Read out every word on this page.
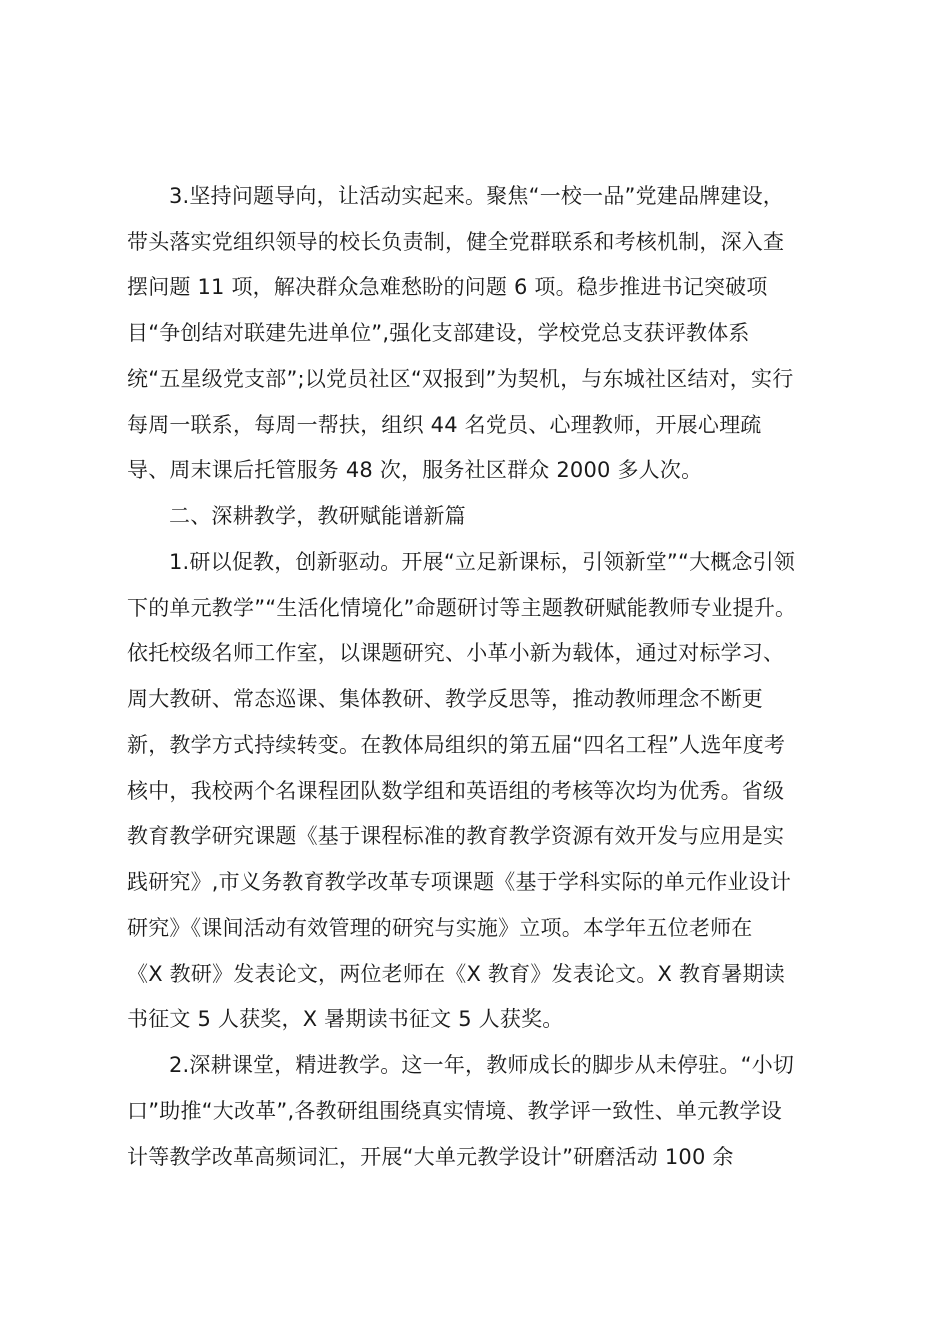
3.坚持问题导向，让活动实起来。聚焦“一校一品”党建品牌建设，
带头落实党组织领导的校长负责制，健全党群联系和考核机制，深入查
摆问题 11 项，解决群众急难愁盼的问题 6 项。稳步推进书记突破项
目“争创结对联建先进单位”,强化支部建设，学校党总支获评教体系
统“五星级党支部”;以党员社区“双报到”为契机，与东城社区结对，实行
每周一联系，每周一帮扶，组织 44 名党员、心理教师，开展心理疏
导、周末课后托管服务 48 次，服务社区群众 2000 多人次。
二、深耕教学，教研赋能谱新篇
1.研以促教，创新驱动。开展“立足新课标，引领新堂”“大概念引领
下的单元教学”“生活化情境化”命题研讨等主题教研赋能教师专业提升。
依托校级名师工作室，以课题研究、小革小新为载体，通过对标学习、
周大教研、常态巡课、集体教研、教学反思等，推动教师理念不断更
新，教学方式持续转变。在教体局组织的第五届“四名工程”人选年度考
核中，我校两个名课程团队数学组和英语组的考核等次均为优秀。省级
教育教学研究课题《基于课程标准的教育教学资源有效开发与应用是实
践研究》,市义务教育教学改革专项课题《基于学科实际的单元作业设计
研究》《课间活动有效管理的研究与实施》立项。本学年五位老师在
《X 教研》发表论文，两位老师在《X 教育》发表论文。X 教育暑期读
书征文 5 人获奖，X 暑期读书征文 5 人获奖。
2.深耕课堂，精进教学。这一年，教师成长的脚步从未停驻。“小切
口”助推“大改革”,各教研组围绕真实情境、教学评一致性、单元教学设
计等教学改革高频词汇，开展“大单元教学设计”研磨活动 100 余
